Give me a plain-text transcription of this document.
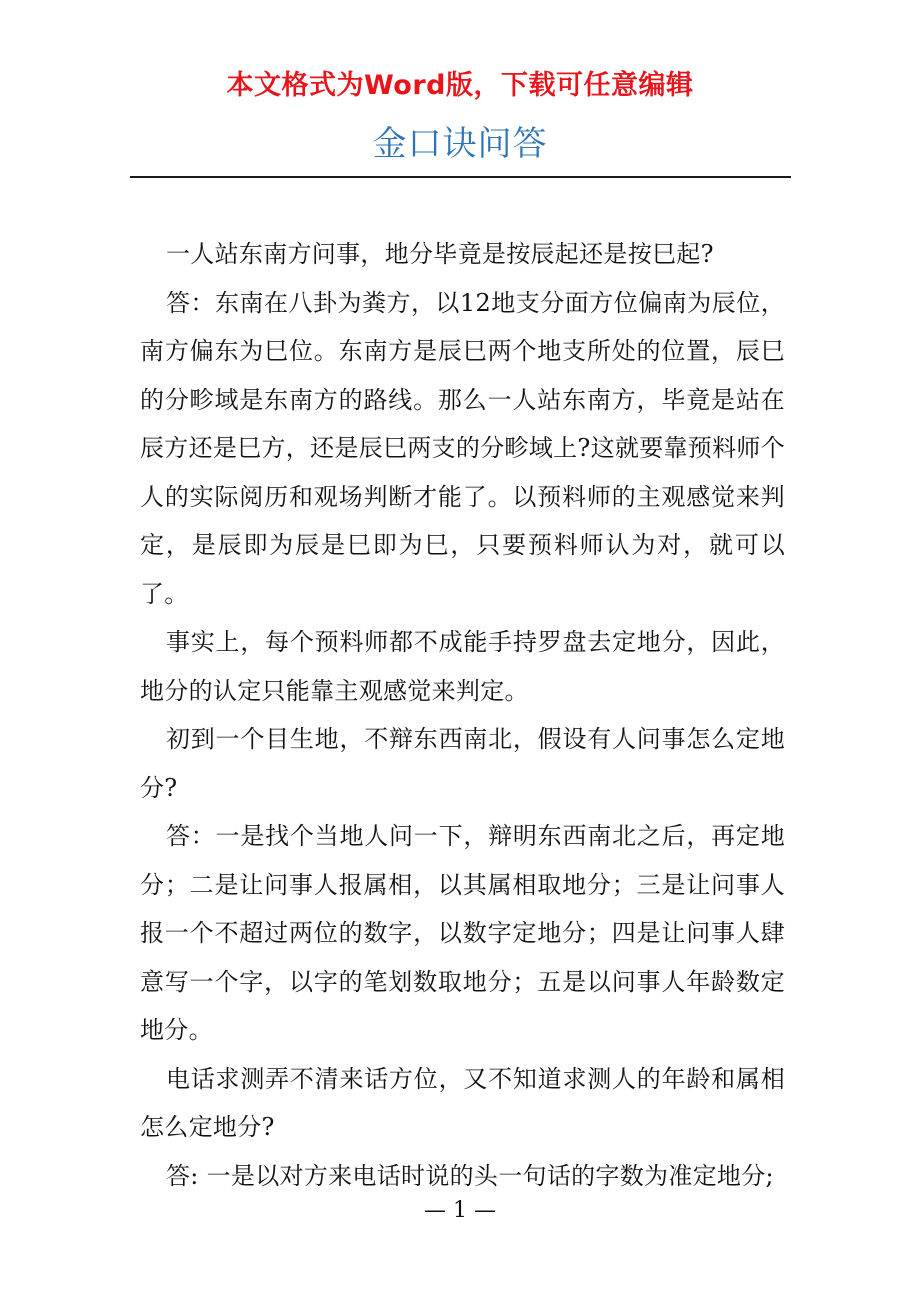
本文格式为Word版，下载可任意编辑
金口诀问答

一人站东南方问事，地分毕竟是按辰起还是按巳起?

答：东南在八卦为粪方，以12地支分面方位偏南为辰位，南方偏东为巳位。东南方是辰巳两个地支所处的位置，辰巳的分畛域是东南方的路线。那么一人站东南方，毕竟是站在辰方还是巳方，还是辰巳两支的分畛域上?这就要靠预料师个人的实际阅历和观场判断才能了。以预料师的主观感觉来判定，是辰即为辰是巳即为巳，只要预料师认为对，就可以了。

事实上，每个预料师都不成能手持罗盘去定地分，因此，地分的认定只能靠主观感觉来判定。

初到一个目生地，不辩东西南北，假设有人问事怎么定地分?

答：一是找个当地人问一下，辩明东西南北之后，再定地分；二是让问事人报属相，以其属相取地分；三是让问事人报一个不超过两位的数字，以数字定地分；四是让问事人肆意写一个字，以字的笔划数取地分；五是以问事人年龄数定地分。

电话求测弄不清来话方位，又不知道求测人的年龄和属相怎么定地分?

答: 一是以对方来电话时说的头一句话的字数为准定地分;

— 1 —
